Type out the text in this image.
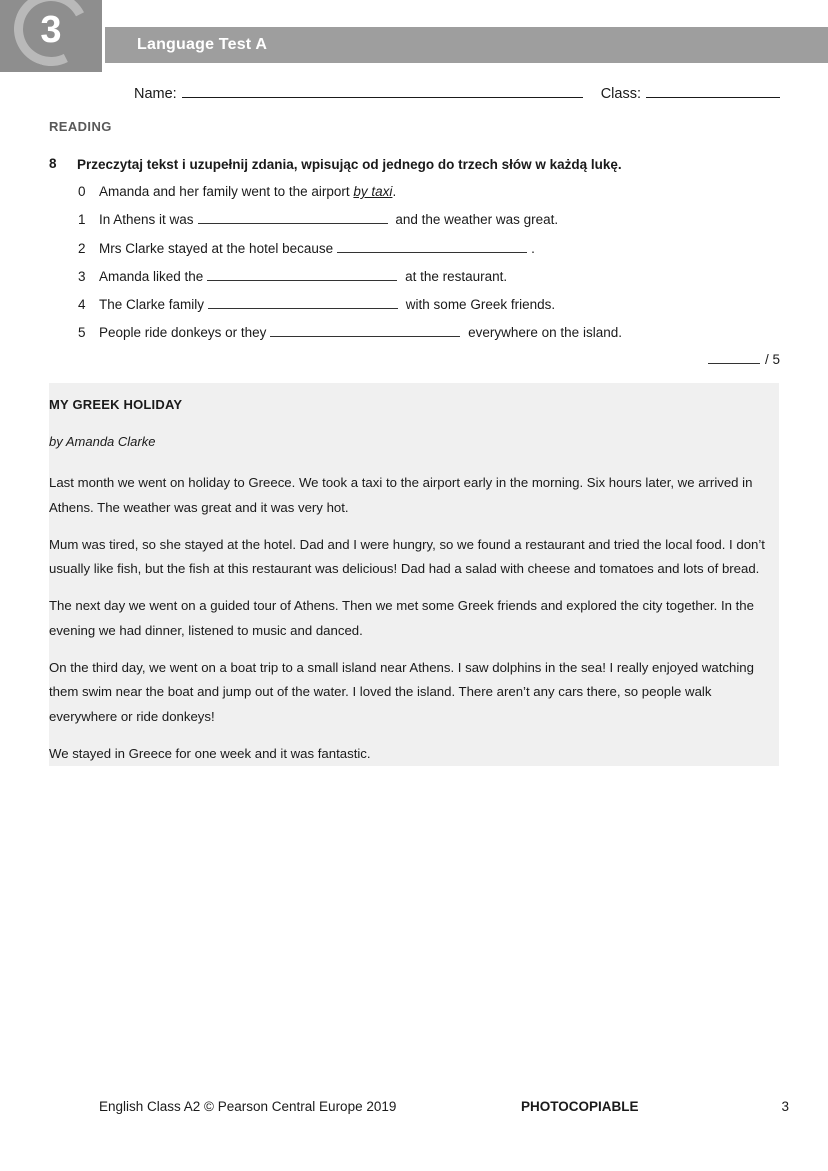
3	Language Test A
Name:	Class:
READING
8	Przeczytaj tekst i uzupełnij zdania, wpisując od jednego do trzech słów w każdą lukę.
0 Amanda and her family went to the airport by taxi.
1 In Athens it was	and the weather was great.
2 Mrs Clarke stayed at the hotel because	.
3 Amanda liked the	at the restaurant.
4 The Clarke family	with some Greek friends.
5 People ride donkeys or they	everywhere on the island.
/ 5
MY GREEK HOLIDAY
by Amanda Clarke

Last month we went on holiday to Greece. We took a taxi to the airport early in the morning. Six hours later, we arrived in Athens. The weather was great and it was very hot.

Mum was tired, so she stayed at the hotel. Dad and I were hungry, so we found a restaurant and tried the local food. I don’t usually like fish, but the fish at this restaurant was delicious! Dad had a salad with cheese and tomatoes and lots of bread.

The next day we went on a guided tour of Athens. Then we met some Greek friends and explored the city together. In the evening we had dinner, listened to music and danced.

On the third day, we went on a boat trip to a small island near Athens. I saw dolphins in the sea! I really enjoyed watching them swim near the boat and jump out of the water. I loved the island. There aren’t any cars there, so people walk everywhere or ride donkeys!

We stayed in Greece for one week and it was fantastic.

English Class A2 © Pearson Central Europe 2019	PHOTOCOPIABLE	3
